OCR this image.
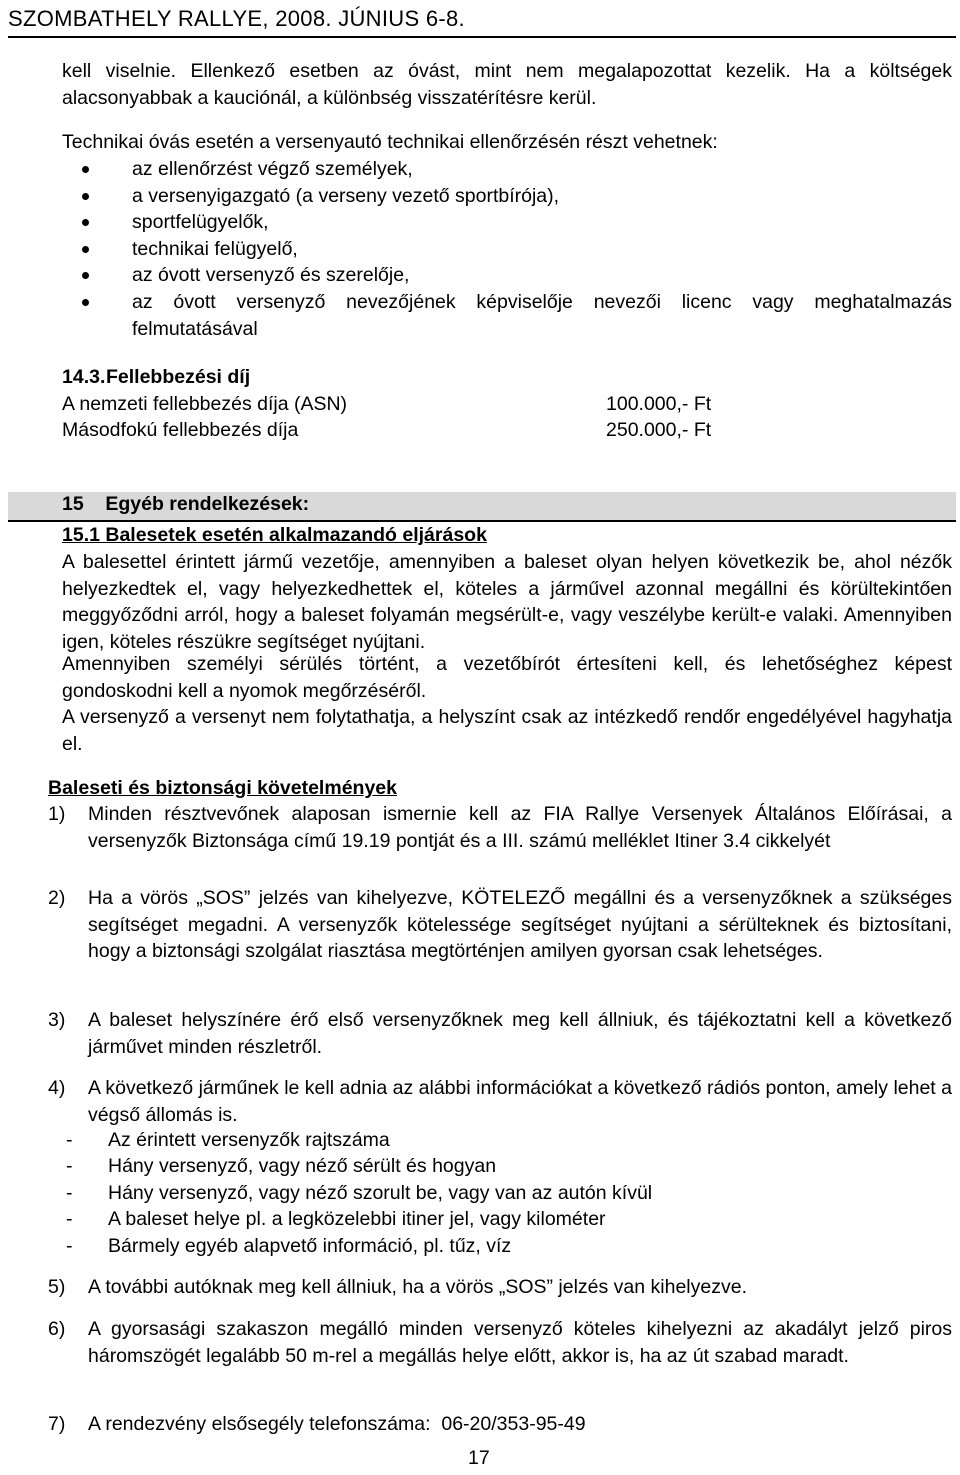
SZOMBATHELY RALLYE, 2008. JÚNIUS 6-8.
kell viselnie. Ellenkező esetben az óvást, mint nem megalapozottat kezelik. Ha a költségek alacsonyabbak a kauciónál, a különbség visszatérítésre kerül.
Technikai óvás esetén a versenyautó technikai ellenőrzésén részt vehetnek:
az ellenőrzést végző személyek,
a versenyigazgató (a verseny vezető sportbírója),
sportfelügyelők,
technikai felügyelő,
az óvott versenyző és szerelője,
az óvott versenyző nevezőjének képviselője nevezői licenc vagy meghatalmazás felmutatásával
14.3. Fellebbezési díj
A nemzeti fellebbezés díja (ASN)	100.000,- Ft
Másodfokú fellebbezés díja	250.000,- Ft
15    Egyéb rendelkezések:
15.1 Balesetek esetén alkalmazandó eljárások
A balesettel érintett jármű vezetője, amennyiben a baleset olyan helyen következik be, ahol nézők helyezkedtek el, vagy helyezkedhettek el, köteles a járművel azonnal megállni és körültekintően meggyőződni arról, hogy a baleset folyamán megsérült-e, vagy veszélybe került-e valaki. Amennyiben igen, köteles részükre segítséget nyújtani.
Amennyiben személyi sérülés történt, a vezetőbírót értesíteni kell, és lehetőséghez képest gondoskodni kell a nyomok megőrzéséről.
A versenyző a versenyt nem folytathatja, a helyszínt csak az intézkedő rendőr engedélyével hagyhatja el.
Baleseti és biztonsági követelmények
1) Minden résztvevőnek alaposan ismernie kell az FIA Rallye Versenyek Általános Előírásai, a versenyzők Biztonsága című 19.19 pontját és a III. számú melléklet Itiner 3.4 cikkelyét
2) Ha a vörös „SOS” jelzés van kihelyezve, KÖTELEZŐ megállni és a versenyzőknek a szükséges segítséget megadni. A versenyzők kötelessége segítséget nyújtani a sérülteknek és biztosítani, hogy a biztonsági szolgálat riasztása megtörténjen amilyen gyorsan csak lehetséges.
3) A baleset helyszínére érő első versenyzőknek meg kell állniuk, és tájékoztatni kell a következő járművet minden részletről.
4) A következő járműnek le kell adnia az alábbi információkat a következő rádiós ponton, amely lehet a végső állomás is.
- Az érintett versenyzők rajtszáma
- Hány versenyző, vagy néző sérült és hogyan
- Hány versenyző, vagy néző szorult be, vagy van az autón kívül
- A baleset helye pl. a legközelebbi itiner jel, vagy kilométer
- Bármely egyéb alapvető információ, pl. tűz, víz
5) A további autóknak meg kell állniuk, ha a vörös „SOS” jelzés van kihelyezve.
6) A gyorsasági szakaszon megálló minden versenyző köteles kihelyezni az akadályt jelző piros háromszögét legalább 50 m-rel a megállás helye előtt, akkor is, ha az út szabad maradt.
7) A rendezvény elsősegély telefonszáma:  06-20/353-95-49
17
